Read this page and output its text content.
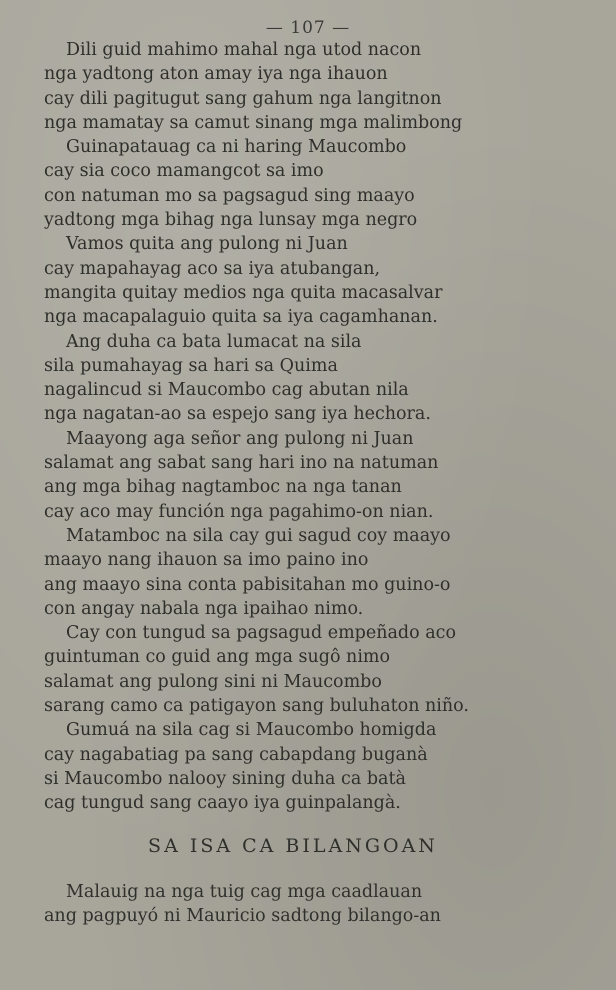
— 107 —
Dili guid mahimo mahal nga utod nacon
nga yadtong aton amay iya nga ihauon
cay dili pagitugut sang gahum nga langitnon
nga mamatay sa camut sinang mga malimbong
Guinapatauag ca ni haring Maucombo
cay sia coco mamangcot sa imo
con natuman mo sa pagsagud sing maayo
yadtong mga bihag nga lunsay mga negro
Vamos quita ang pulong ni Juan
cay mapahayag aco sa iya atubangan,
mangita quitay medios nga quita macasalvar
nga macapalaguio quita sa iya cagamhanan.
Ang duha ca bata lumacat na sila
sila pumahayag sa hari sa Quima
nagalincud si Maucombo cag abutan nila
nga nagatan-ao sa espejo sang iya hechora.
Maayong aga señor ang pulong ni Juan
salamat ang sabat sang hari ino na natuman
ang mga bihag nagtamboc na nga tanan
cay aco may función nga pagahimo-on nian.
Matamboc na sila cay gui sagud coy maayo
maayo nang ihauon sa imo paino ino
ang maayo sina conta pabisitahan mo guino-o
con angay nabala nga ipaihao nimo.
Cay con tungud sa pagsagud empeñado aco
guintuman co guid ang mga sugô nimo
salamat ang pulong sini ni Maucombo
sarang camo ca patigayon sang buluhaton niño.
Gumuá na sila cag si Maucombo homigda
cay nagabatiag pa sang cabapdang buganà
si Maucombo nalooy sining duha ca batà
cag tungud sang caayo iya guinpalangà.
SA ISA CA BILANGOAN
Malauig na nga tuig cag mga caadlauan
ang pagpuyó ni Mauricio sadtong bilango-an
